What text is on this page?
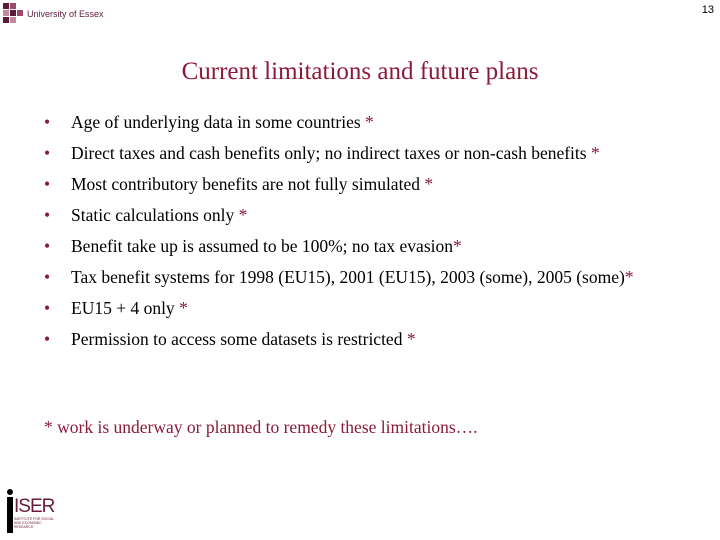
13
University of Essex
Current limitations and future plans
• Age of underlying data in some countries *
• Direct taxes and cash benefits only; no indirect taxes or non-cash benefits *
• Most contributory benefits are not fully simulated *
• Static calculations only *
• Benefit take up is assumed to be 100%; no tax evasion*
• Tax benefit systems for 1998 (EU15), 2001 (EU15), 2003 (some), 2005 (some)*
• EU15 + 4 only *
• Permission to access some datasets is restricted *
* work is underway or planned to remedy these limitations….
ISER
INSTITUTE FOR SOCIAL AND ECONOMIC RESEARCH
